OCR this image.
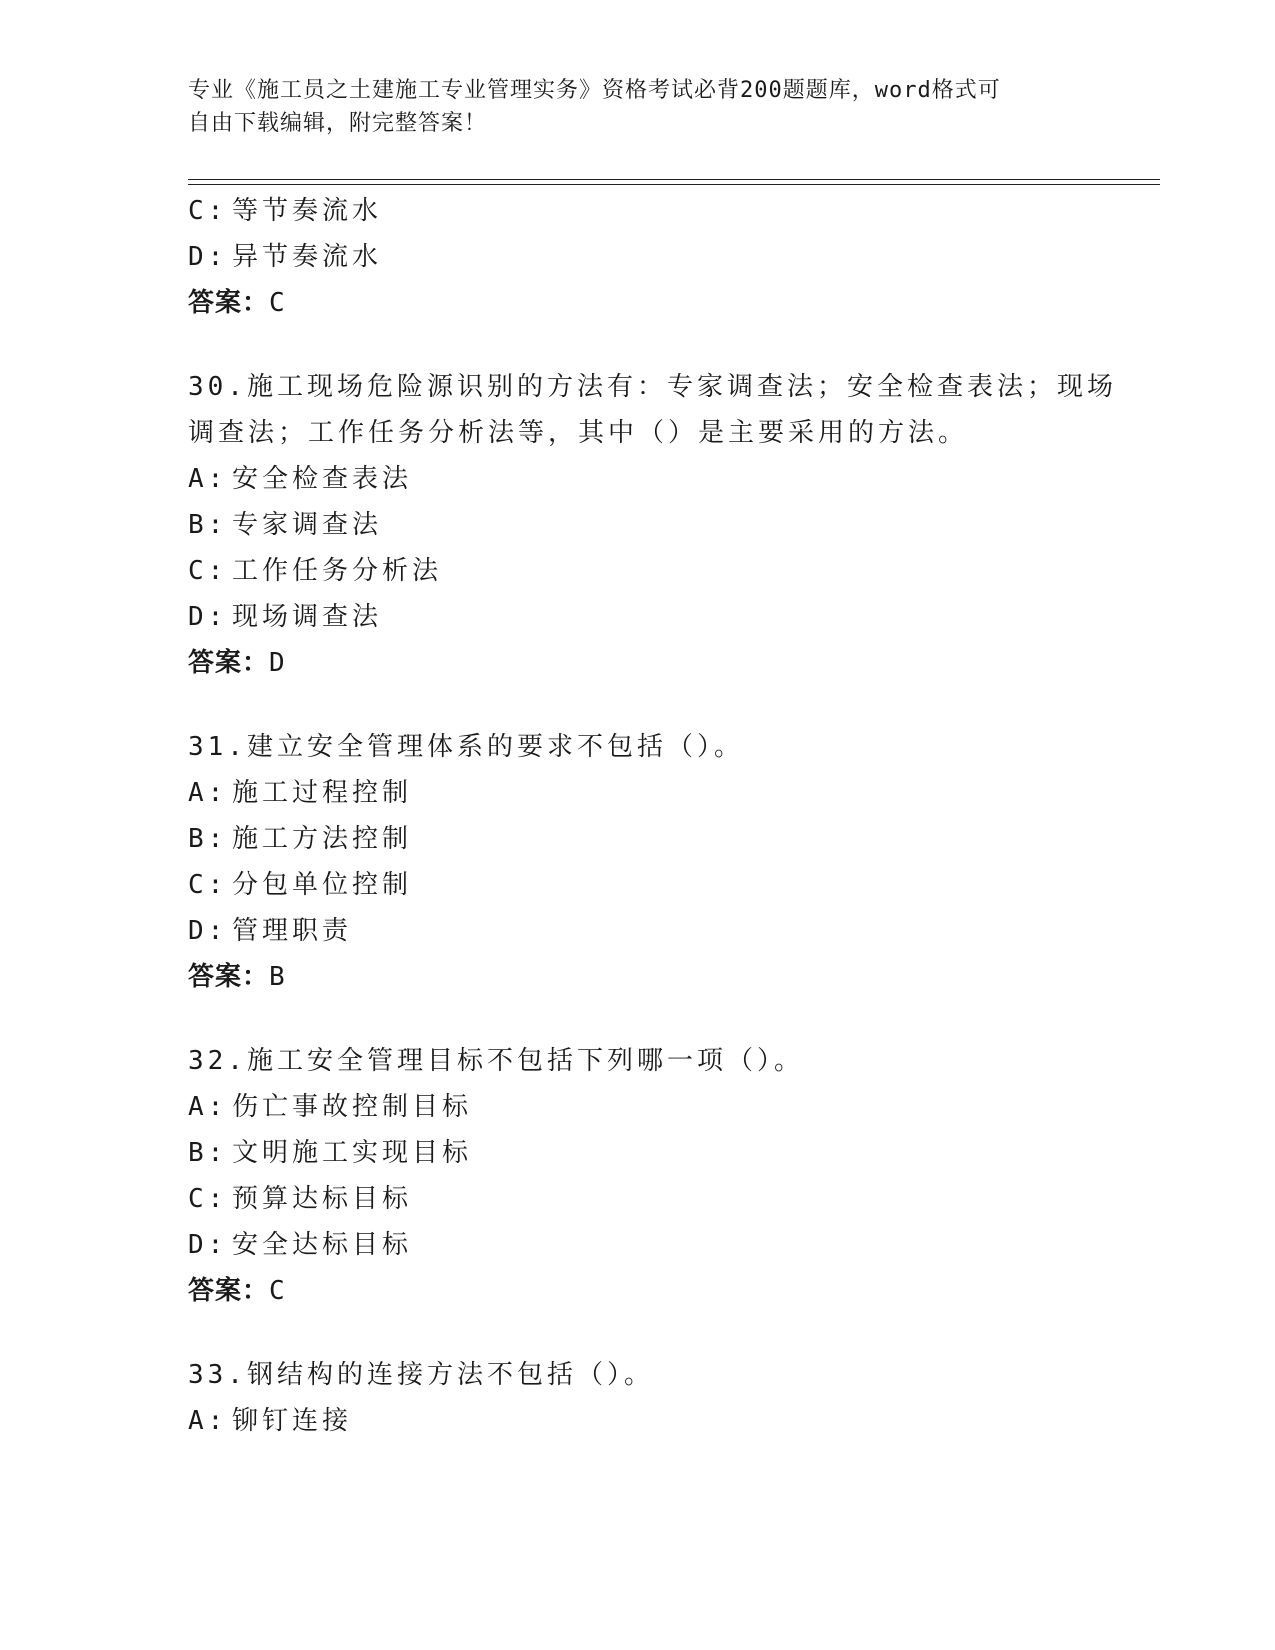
专业《施工员之土建施工专业管理实务》资格考试必背200题题库，word格式可
自由下载编辑，附完整答案！
C: 等节奏流水
D: 异节奏流水
答案：C
30.施工现场危险源识别的方法有：专家调查法；安全检查表法；现场
调查法；工作任务分析法等，其中（）是主要采用的方法。
A: 安全检查表法
B: 专家调查法
C: 工作任务分析法
D: 现场调查法
答案：D
31.建立安全管理体系的要求不包括（）。
A: 施工过程控制
B: 施工方法控制
C: 分包单位控制
D: 管理职责
答案：B
32.施工安全管理目标不包括下列哪一项（）。
A: 伤亡事故控制目标
B: 文明施工实现目标
C: 预算达标目标
D: 安全达标目标
答案：C
33.钢结构的连接方法不包括（）。
A: 铆钉连接
